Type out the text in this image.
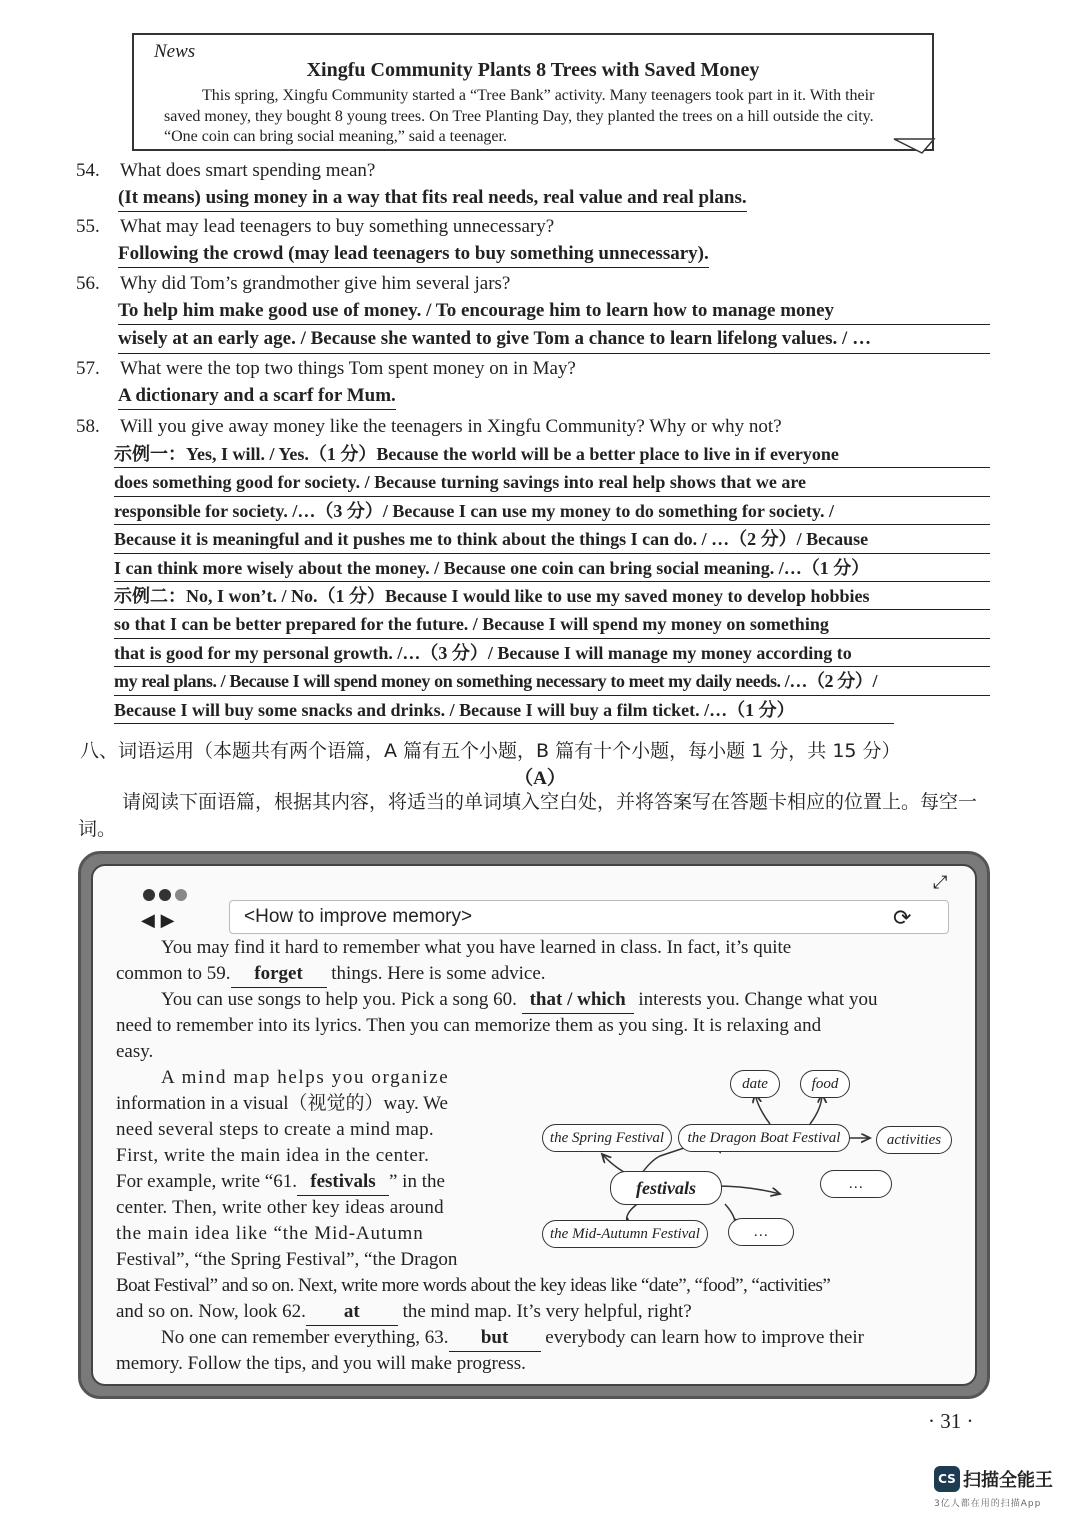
News
Xingfu Community Plants 8 Trees with Saved Money
This spring, Xingfu Community started a “Tree Bank” activity. Many teenagers took part in it. With their saved money, they bought 8 young trees. On Tree Planting Day, they planted the trees on a hill outside the city. “One coin can bring social meaning,” said a teenager.
54. What does smart spending mean?
(It means) using money in a way that fits real needs, real value and real plans.
55. What may lead teenagers to buy something unnecessary?
Following the crowd (may lead teenagers to buy something unnecessary).
56. Why did Tom’s grandmother give him several jars?
To help him make good use of money. / To encourage him to learn how to manage money
wisely at an early age. / Because she wanted to give Tom a chance to learn lifelong values. / …
57. What were the top two things Tom spent money on in May?
A dictionary and a scarf for Mum.
58. Will you give away money like the teenagers in Xingfu Community? Why or why not?
示例一：Yes, I will. / Yes.（1 分）Because the world will be a better place to live in if everyone
does something good for society. / Because turning savings into real help shows that we are
responsible for society. /…（3 分）/ Because I can use my money to do something for society. /
Because it is meaningful and it pushes me to think about the things I can do. / …（2 分）/ Because
I can think more wisely about the money. / Because one coin can bring social meaning. /…（1 分）
示例二：No, I won’t. / No.（1 分）Because I would like to use my saved money to develop hobbies
so that I can be better prepared for the future. / Because I will spend my money on something
that is good for my personal growth. /…（3 分）/ Because I will manage my money according to
my real plans. / Because I will spend money on something necessary to meet my daily needs. /…（2 分）/
Because I will buy some snacks and drinks. / Because I will buy a film ticket. /…（1 分）
八、词语运用（本题共有两个语篇，A 篇有五个小题，B 篇有十个小题，每小题 1 分，共 15 分）
（A）
请阅读下面语篇，根据其内容，将适当的单词填入空白处，并将答案写在答题卡相应的位置上。每空一词。
◀ ▶	<How to improve memory>	⟳
⤢
You may find it hard to remember what you have learned in class. In fact, it’s quite
common to 59. forget things. Here is some advice.
You can use songs to help you. Pick a song 60. that / which interests you. Change what you
need to remember into its lyrics. Then you can memorize them as you sing. It is relaxing and
easy.
A mind map helps you organize
information in a visual（视觉的）way. We
need several steps to create a mind map.
First, write the main idea in the center.
For example, write “61. festivals ” in the
center. Then, write other key ideas around
the main idea like “the Mid-Autumn
Festival”, “the Spring Festival”, “the Dragon
Boat Festival” and so on. Next, write more words about the key ideas like “date”, “food”, “activities”
and so on. Now, look 62. at the mind map. It’s very helpful, right?
No one can remember everything, 63. but everybody can learn how to improve their
memory. Follow the tips, and you will make progress.
date	food
the Spring Festival	the Dragon Boat Festival	activities
festivals	…
the Mid-Autumn Festival	…
· 31 ·
CS 扫描全能王
3亿人都在用的扫描App
